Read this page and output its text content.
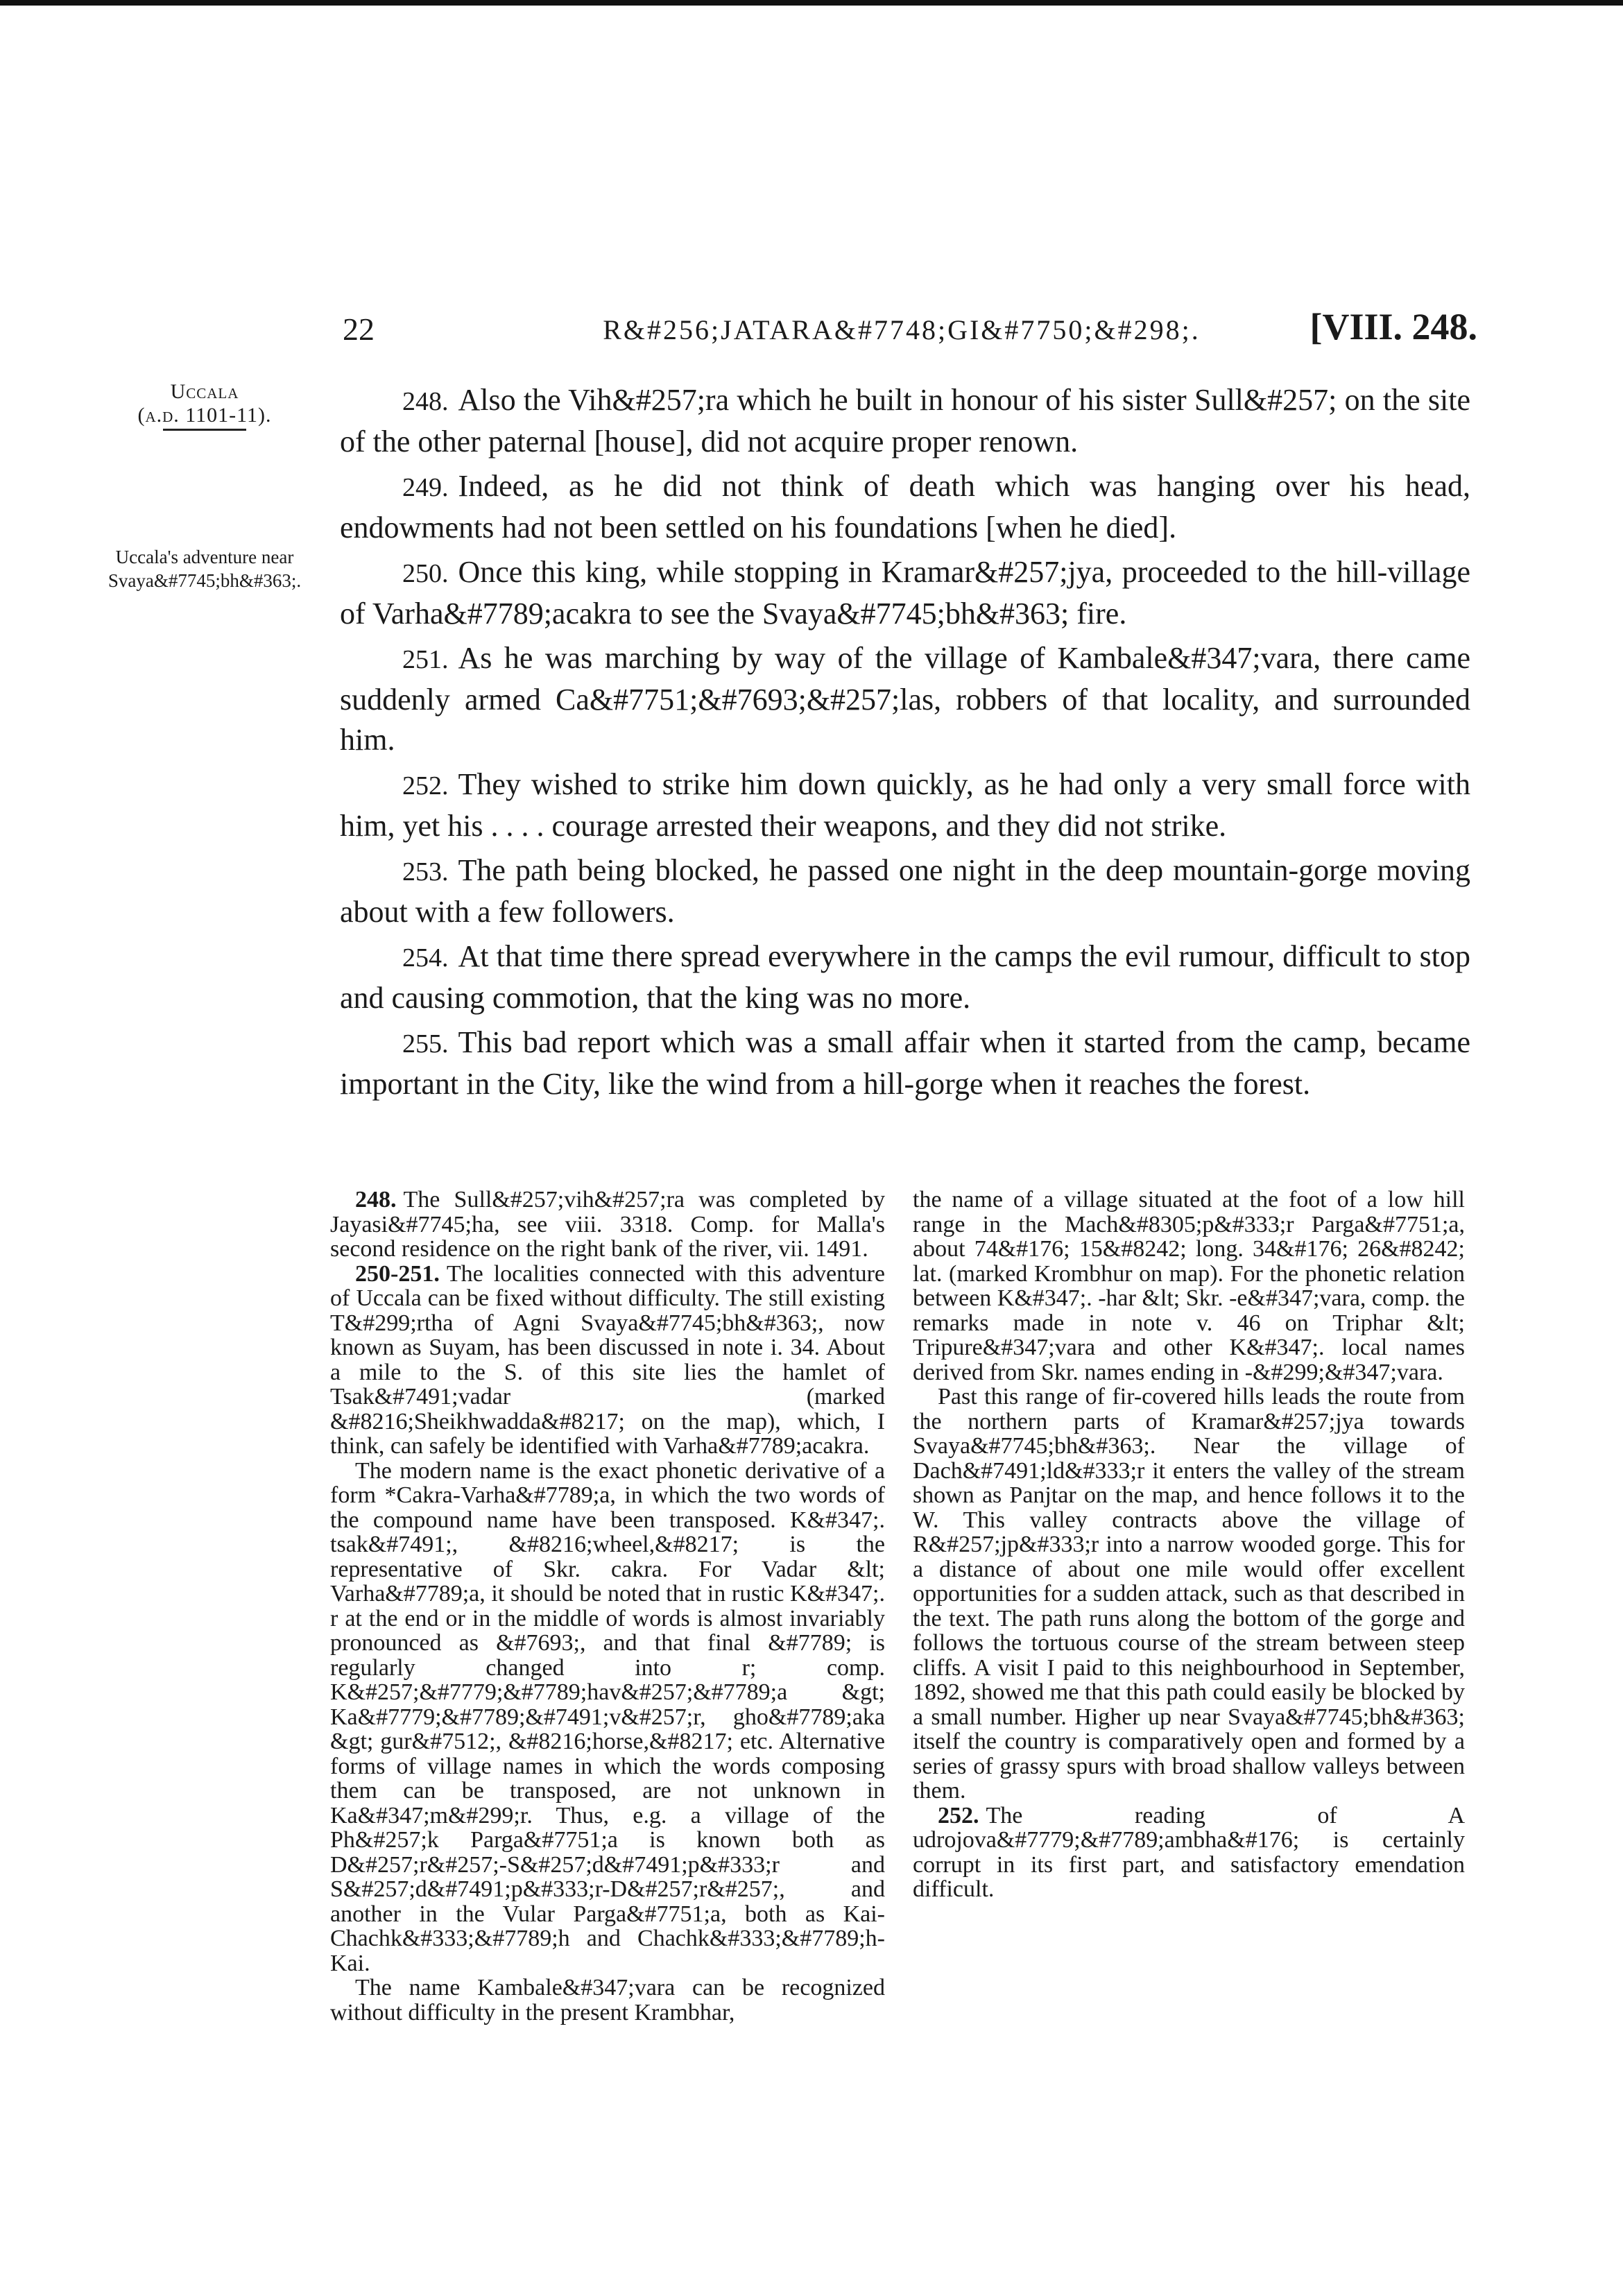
22	R&#256;JATARA&#7748;GI&#7750;&#298;.	[VIII. 248.
Uccala
(a.d. 1101-11).
Uccala's adventure near Svaya&#7745;bh&#363;.

248. Also the Vih&#257;ra which he built in honour of his sister Sull&#257; on the site of the other paternal [house], did not acquire proper renown.

249. Indeed, as he did not think of death which was hanging over his head, endowments had not been settled on his foundations [when he died].

250. Once this king, while stopping in Kramar&#257;jya, proceeded to the hill-village of Varha&#7789;acakra to see the Svaya&#7745;bh&#363; fire.

251. As he was marching by way of the village of Kambale&#347;vara, there came suddenly armed Ca&#7751;&#7693;&#257;las, robbers of that locality, and surrounded him.

252. They wished to strike him down quickly, as he had only a very small force with him, yet his . . . . courage arrested their weapons, and they did not strike.

253. The path being blocked, he passed one night in the deep mountain-gorge moving about with a few followers.

254. At that time there spread everywhere in the camps the evil rumour, difficult to stop and causing commotion, that the king was no more.

255. This bad report which was a small affair when it started from the camp, became important in the City, like the wind from a hill-gorge when it reaches the forest.

248. The Sull&#257;vih&#257;ra was completed by Jayasi&#7745;ha, see viii. 3318. Comp. for Malla's second residence on the right bank of the river, vii. 1491.

250-251. The localities connected with this adventure of Uccala can be fixed without difficulty. The still existing T&#299;rtha of Agni Svaya&#7745;bh&#363;, now known as Suyam, has been discussed in note i. 34. About a mile to the S. of this site lies the hamlet of Tsak&#7491;vadar (marked &#8216;Sheikhwadda&#8217; on the map), which, I think, can safely be identified with Varha&#7789;acakra.

The modern name is the exact phonetic derivative of a form *Cakra-Varha&#7789;a, in which the two words of the compound name have been transposed. K&#347;. tsak&#7491;, &#8216;wheel,&#8217; is the representative of Skr. cakra. For Vadar &lt; Varha&#7789;a, it should be noted that in rustic K&#347;. r at the end or in the middle of words is almost invariably pronounced as &#7693;, and that final &#7789; is regularly changed into r; comp. K&#257;&#7779;&#7789;hav&#257;&#7789;a &gt; Ka&#7779;&#7789;&#7491;v&#257;r, gho&#7789;aka &gt; gur&#7512;, &#8216;horse,&#8217; etc. Alternative forms of village names in which the words composing them can be transposed, are not unknown in Ka&#347;m&#299;r. Thus, e.g. a village of the Ph&#257;k Parga&#7751;a is known both as D&#257;r&#257;-S&#257;d&#7491;p&#333;r and S&#257;d&#7491;p&#333;r-D&#257;r&#257;, and another in the Vular Parga&#7751;a, both as Kai-Chachk&#333;&#7789;h and Chachk&#333;&#7789;h-Kai.

The name Kambale&#347;vara can be recognized without difficulty in the present Krambhar,

the name of a village situated at the foot of a low hill range in the Mach&#8305;p&#333;r Parga&#7751;a, about 74&#176; 15&#8242; long. 34&#176; 26&#8242; lat. (marked Krombhur on map). For the phonetic relation between K&#347;. -har &lt; Skr. -e&#347;vara, comp. the remarks made in note v. 46 on Triphar &lt; Tripure&#347;vara and other K&#347;. local names derived from Skr. names ending in -&#299;&#347;vara.

Past this range of fir-covered hills leads the route from the northern parts of Kramar&#257;jya towards Svaya&#7745;bh&#363;. Near the village of Dach&#7491;ld&#333;r it enters the valley of the stream shown as Panjtar on the map, and hence follows it to the W. This valley contracts above the village of R&#257;jp&#333;r into a narrow wooded gorge. This for a distance of about one mile would offer excellent opportunities for a sudden attack, such as that described in the text. The path runs along the bottom of the gorge and follows the tortuous course of the stream between steep cliffs. A visit I paid to this neighbourhood in September, 1892, showed me that this path could easily be blocked by a small number. Higher up near Svaya&#7745;bh&#363; itself the country is comparatively open and formed by a series of grassy spurs with broad shallow valleys between them.

252. The reading of A udrojova&#7779;&#7789;ambha&#176; is certainly corrupt in its first part, and satisfactory emendation difficult.
